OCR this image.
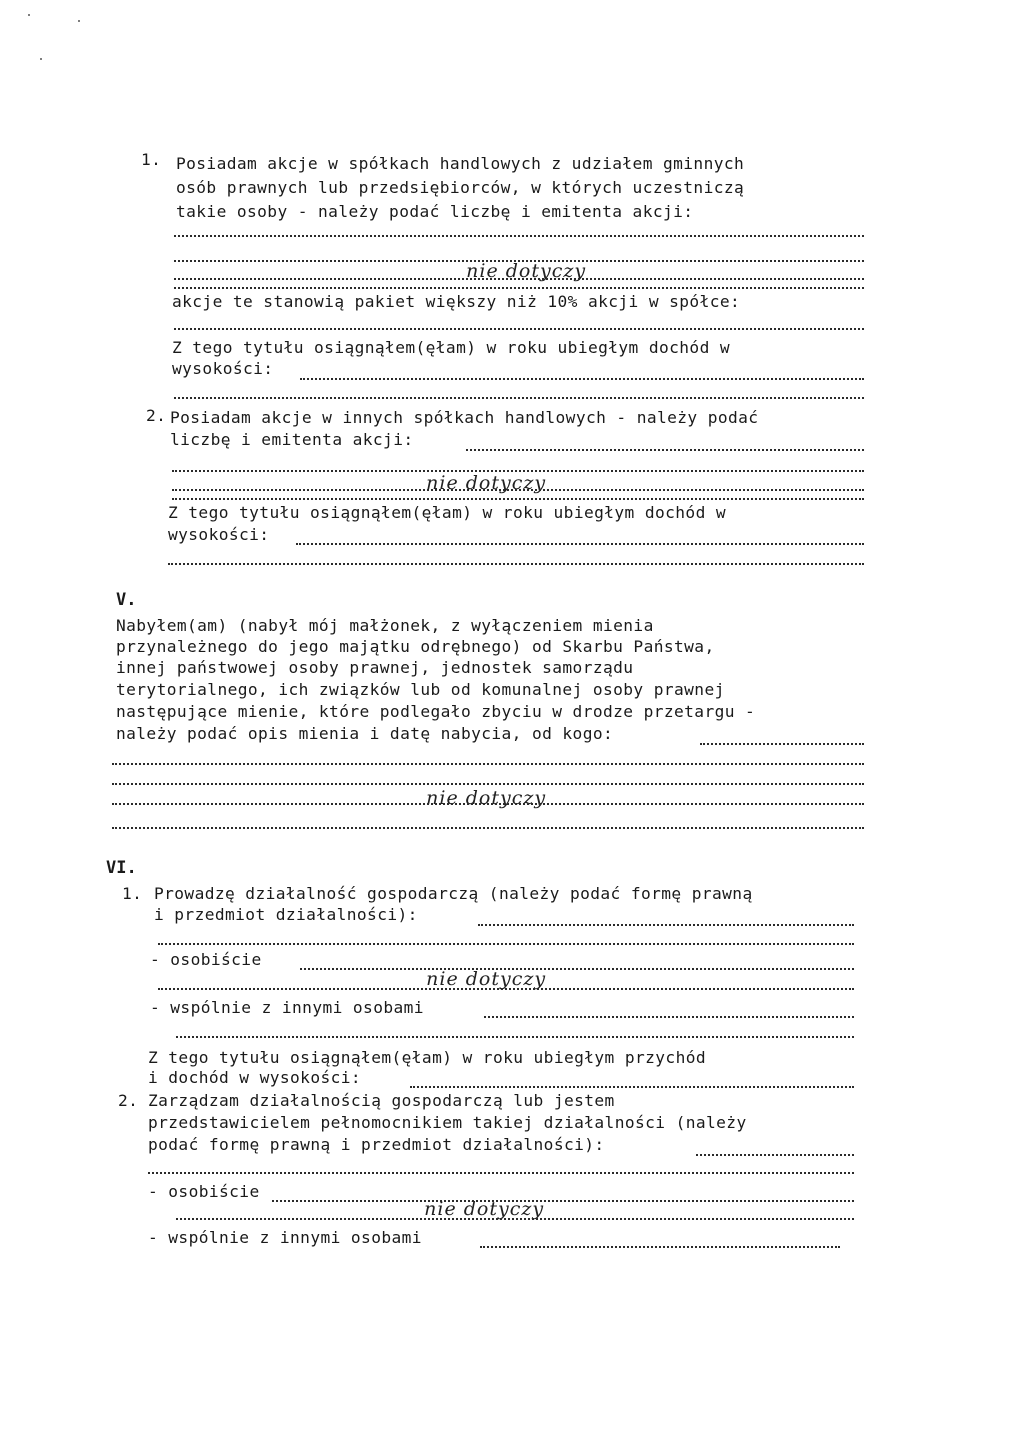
1. Posiadam akcje w spółkach handlowych z udziałem gminnych
osób prawnych lub przedsiębiorców, w których uczestniczą
takie osoby - należy podać liczbę i emitenta akcji:

nie dotyczy

akcje te stanowią pakiet większy niż 10% akcji w spółce:
Z tego tytułu osiągnąłem(ęłam) w roku ubiegłym dochód w
wysokości:
2. Posiadam akcje w innych spółkach handlowych - należy podać
liczbę i emitenta akcji:

nie dotyczy

Z tego tytułu osiągnąłem(ęłam) w roku ubiegłym dochód w
wysokości:
V.
Nabyłem(am) (nabył mój małżonek, z wyłączeniem mienia
przynależnego do jego majątku odrębnego) od Skarbu Państwa,
innej państwowej osoby prawnej, jednostek samorządu
terytorialnego, ich związków lub od komunalnej osoby prawnej
następujące mienie, które podlegało zbyciu w drodze przetargu -
należy podać opis mienia i datę nabycia, od kogo:

nie dotyczy

VI.
1. Prowadzę działalność gospodarczą (należy podać formę prawną
i przedmiot działalności):
- osobiście

nie dotyczy

- wspólnie z innymi osobami
Z tego tytułu osiągnąłem(ęłam) w roku ubiegłym przychód
i dochód w wysokości:
2. Zarządzam działalnością gospodarczą lub jestem
przedstawicielem pełnomocnikiem takiej działalności (należy
podać formę prawną i przedmiot działalności):
- osobiście

nie dotyczy

- wspólnie z innymi osobami
